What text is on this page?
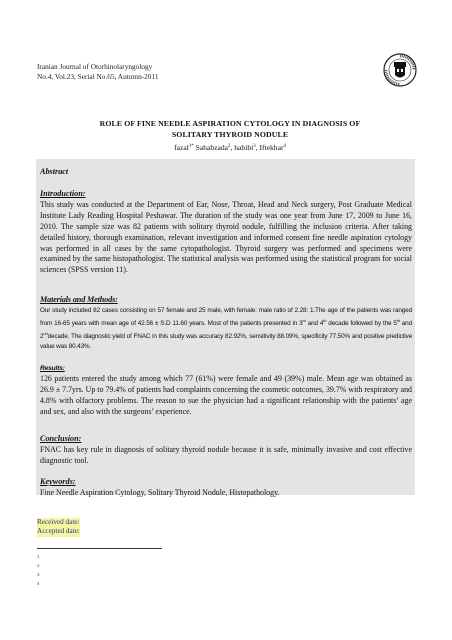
Iranian Journal of Otorhinolaryngology
No.4, Vol.23, Serial No.65, Autumn-2011
ROLE OF FINE NEEDLE ASPIRATION CYTOLOGY IN DIAGNOSIS OF
SOLITARY THYROID NODULE
fazal$^{1*}$ Sahabzada$^2$, habibi$^3$, Iftekhar$^4$
Abstract
Introduction:
This study was conducted at the Department of Ear, Nose, Throat, Head and Neck surgery, Post Graduate Medical Institute Lady Reading Hospital Peshawar. The duration of the study was one year from June 17, 2009 to June 16, 2010. The sample size was 82 patients with solitary thyroid nodule, fulfilling the inclusion criteria. After taking detailed history, thorough examination, relevant investigation and informed consent fine needle aspiration cytology was performed in all cases by the same cytopathologist. Thyroid surgery was performed and specimens were examined by the same histopathologist. The statistical analysis was performed using the statistical program for social sciences (SPSS version 11).
Materials and Methods:
Our study included 82 cases consisting on 57 female and 25 male, with female: male ratio of 2.28: 1.The age of the patients was ranged from 16-65 years with mean age of 42.56 ± S.D 11.60 years. Most of the patients presented in 3rd and 4th decade followed by the 5th and 2nddecade. The diagnostic yield of FNAC in this study was accuracy 82.92%, sensitivity 88.09%, specificity 77.50% and positive predictive value was 80.43%.
Results:
126 patients entered the study among which 77 (61%) were female and 49 (39%) male. Mean age was obtained as 26.9 ± 7.7yrs. Up to 79.4% of patients had complaints concerning the cosmetic outcomes, 39.7% with respiratory and 4.8% with olfactory problems. The reason to sue the physician had a significant relationship with the patients’ age and sex, and also with the surgeons’ experience.
Conclusion:
FNAC has key rule in diagnosis of solitary thyroid nodule because it is safe, minimally invasive and cost effective diagnostic tool.
Keywords:
Fine Needle Aspiration Cytology, Solitary Thyroid Nodule, Histopathology.
Received date:
Accepted date:
1
2
3
4
